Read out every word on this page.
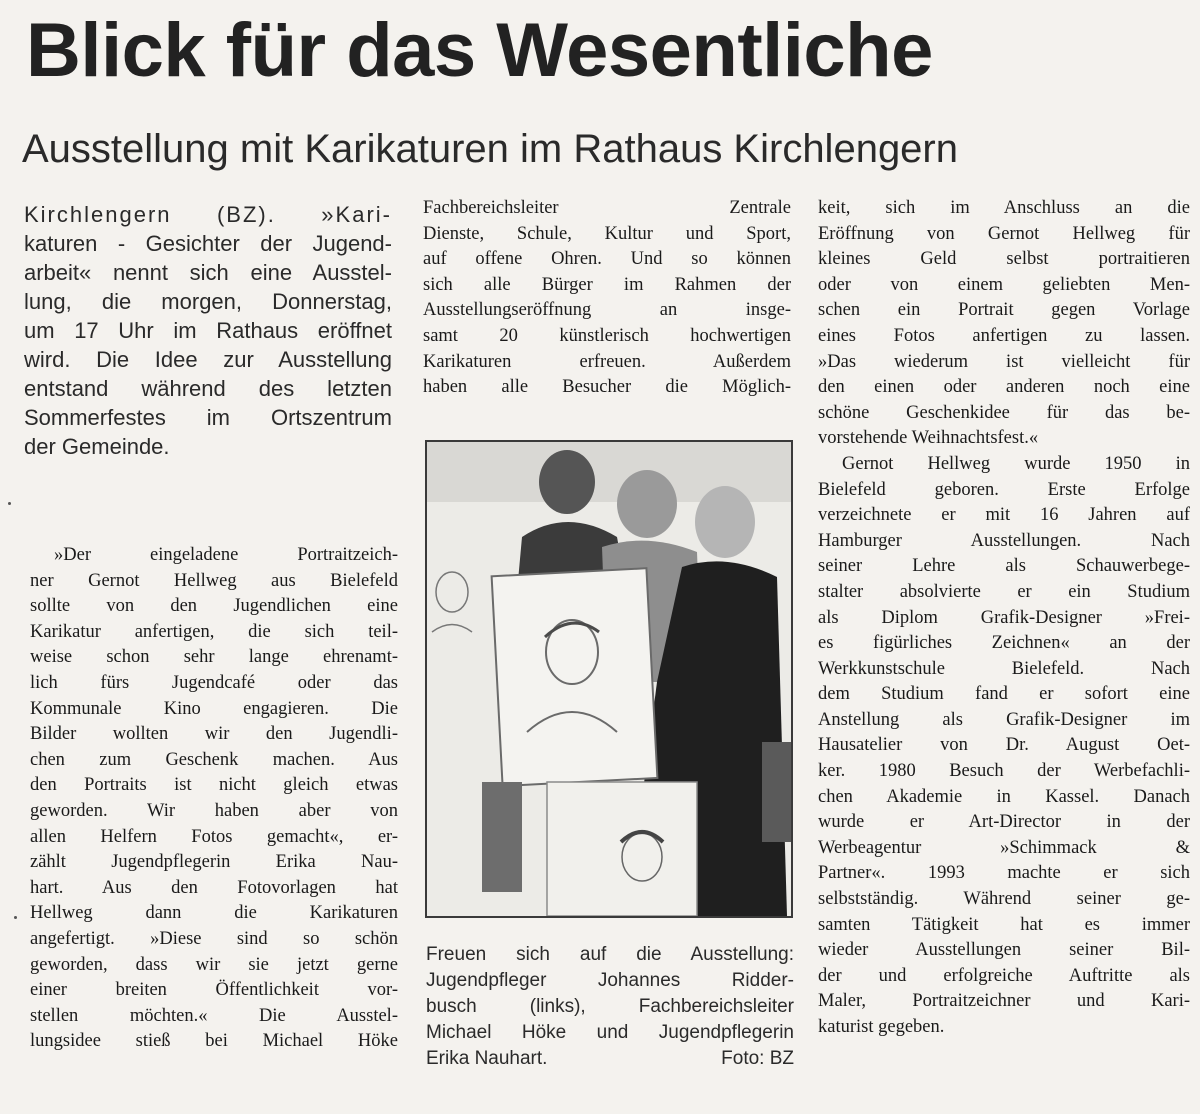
Blick für das Wesentliche
Ausstellung mit Karikaturen im Rathaus Kirchlengern
Kirchlengern (BZ). »Kari-
katuren - Gesichter der Jugend-
arbeit« nennt sich eine Ausstel-
lung, die morgen, Donnerstag,
um 17 Uhr im Rathaus eröffnet
wird. Die Idee zur Ausstellung
entstand während des letzten
Sommerfestes im Ortszentrum
der Gemeinde.
»Der eingeladene Portraitzeich-
ner Gernot Hellweg aus Bielefeld
sollte von den Jugendlichen eine
Karikatur anfertigen, die sich teil-
weise schon sehr lange ehrenamt-
lich fürs Jugendcafé oder das
Kommunale Kino engagieren. Die
Bilder wollten wir den Jugendli-
chen zum Geschenk machen. Aus
den Portraits ist nicht gleich etwas
geworden. Wir haben aber von
allen Helfern Fotos gemacht«, er-
zählt Jugendpflegerin Erika Nau-
hart. Aus den Fotovorlagen hat
Hellweg dann die Karikaturen
angefertigt. »Diese sind so schön
geworden, dass wir sie jetzt gerne
einer breiten Öffentlichkeit vor-
stellen möchten.« Die Ausstel-
lungsidee stieß bei Michael Höke
Fachbereichsleiter Zentrale
Dienste, Schule, Kultur und Sport,
auf offene Ohren. Und so können
sich alle Bürger im Rahmen der
Ausstellungseröffnung an insge-
samt 20 künstlerisch hochwertigen
Karikaturen erfreuen. Außerdem
haben alle Besucher die Möglich-
Freuen sich auf die Ausstellung:
Jugendpfleger Johannes Ridder-
busch (links), Fachbereichsleiter
Michael Höke und Jugendpflegerin
Erika Nauhart.	Foto: BZ
keit, sich im Anschluss an die
Eröffnung von Gernot Hellweg für
kleines Geld selbst portraitieren
oder von einem geliebten Men-
schen ein Portrait gegen Vorlage
eines Fotos anfertigen zu lassen.
»Das wiederum ist vielleicht für
den einen oder anderen noch eine
schöne Geschenkidee für das be-
vorstehende Weihnachtsfest.«
Gernot Hellweg wurde 1950 in
Bielefeld geboren. Erste Erfolge
verzeichnete er mit 16 Jahren auf
Hamburger Ausstellungen. Nach
seiner Lehre als Schauwerbege-
stalter absolvierte er ein Studium
als Diplom Grafik-Designer »Frei-
es figürliches Zeichnen« an der
Werkkunstschule Bielefeld. Nach
dem Studium fand er sofort eine
Anstellung als Grafik-Designer im
Hausatelier von Dr. August Oet-
ker. 1980 Besuch der Werbefachli-
chen Akademie in Kassel. Danach
wurde er Art-Director in der
Werbeagentur »Schimmack &
Partner«. 1993 machte er sich
selbstständig. Während seiner ge-
samten Tätigkeit hat es immer
wieder Ausstellungen seiner Bil-
der und erfolgreiche Auftritte als
Maler, Portraitzeichner und Kari-
katurist gegeben.
